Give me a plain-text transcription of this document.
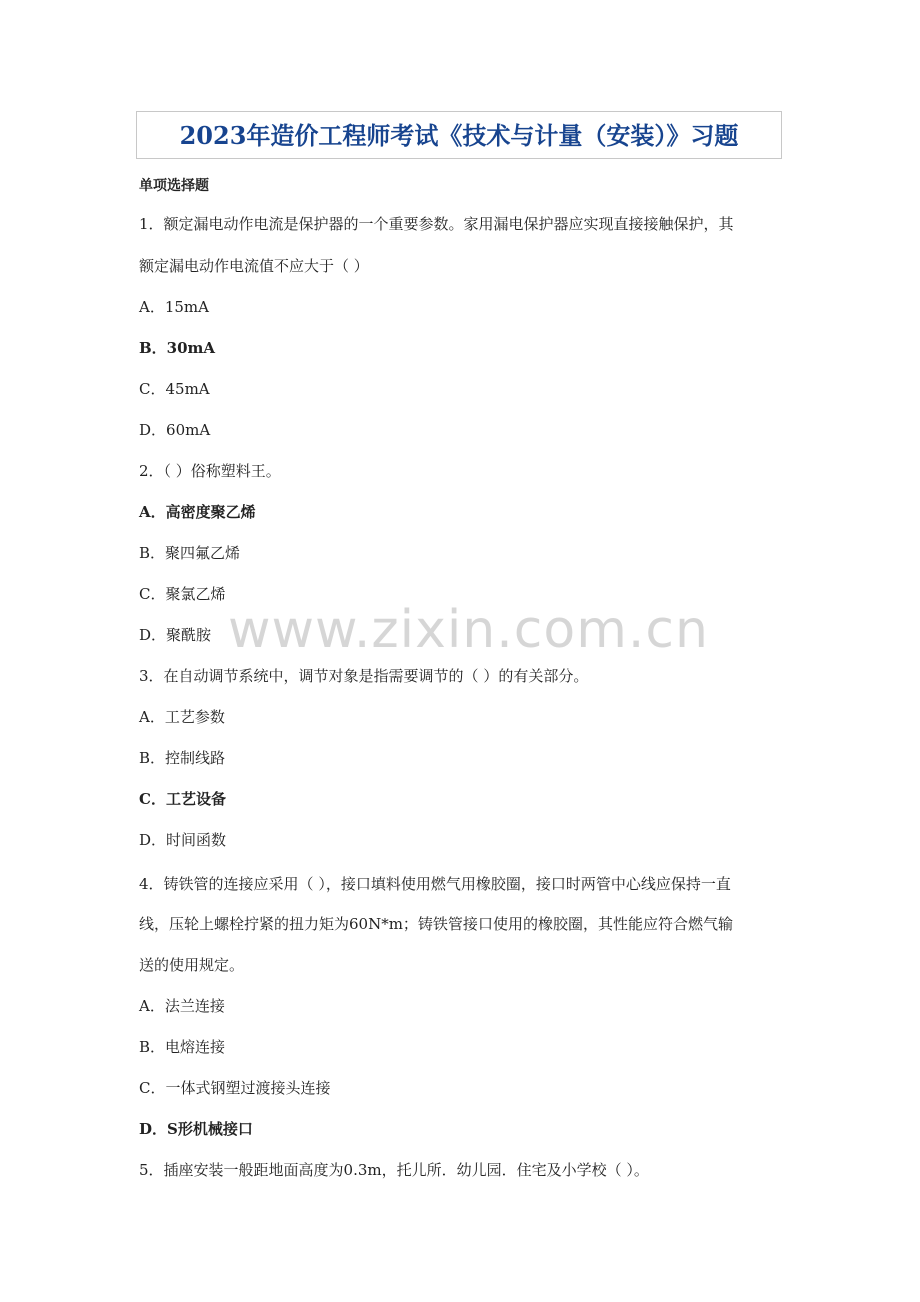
2023年造价工程师考试《技术与计量（安装）》习题
单项选择题
1．额定漏电动作电流是保护器的一个重要参数。家用漏电保护器应实现直接接触保护，其
额定漏电动作电流值不应大于（ ）
A．15mA
B．30mA
C．45mA
D．60mA
2．（ ）俗称塑料王。
A．高密度聚乙烯
B．聚四氟乙烯
C．聚氯乙烯
D．聚酰胺 www.zixin.com.cn
3．在自动调节系统中，调节对象是指需要调节的（ ）的有关部分。
A．工艺参数
B．控制线路
C．工艺设备
D．时间函数
4．铸铁管的连接应采用（ ），接口填料使用燃气用橡胶圈，接口时两管中心线应保持一直
线，压轮上螺栓拧紧的扭力矩为60N*m；铸铁管接口使用的橡胶圈，其性能应符合燃气输
送的使用规定。
A．法兰连接
B．电熔连接
C．一体式钢塑过渡接头连接
D．S形机械接口
5．插座安装一般距地面高度为0.3m，托儿所．幼儿园．住宅及小学校（ ）。
